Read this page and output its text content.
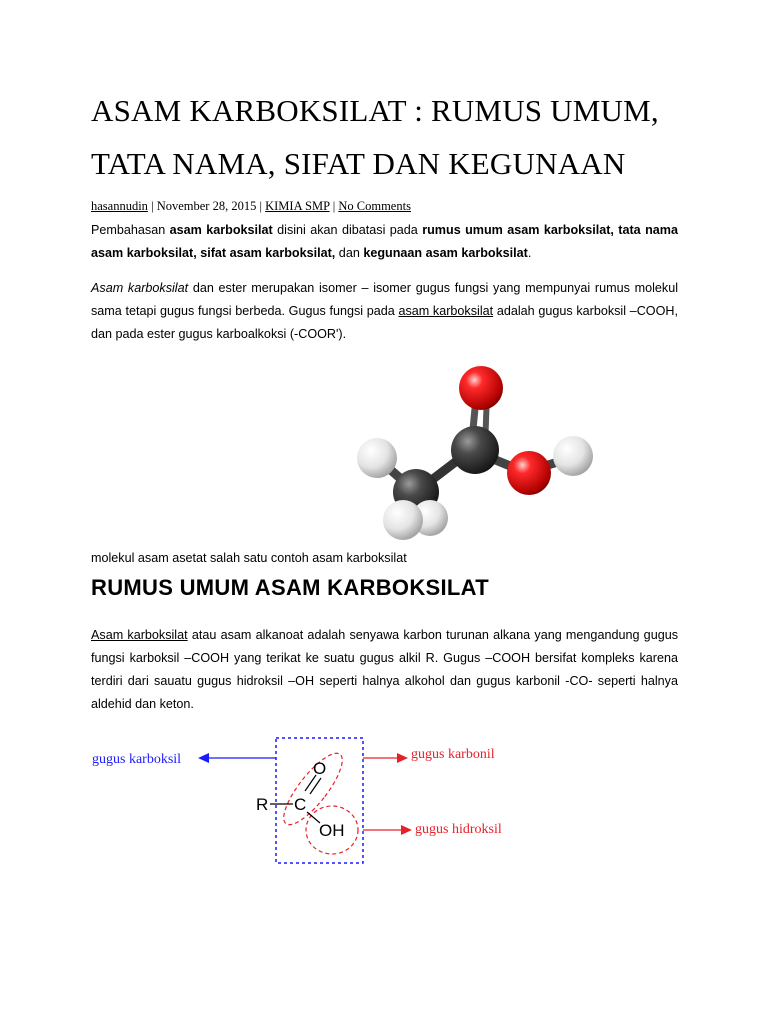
ASAM KARBOKSILAT : RUMUS UMUM,
TATA NAMA, SIFAT DAN KEGUNAAN
hasannudin | November 28, 2015 | KIMIA SMP | No Comments
Pembahasan asam karboksilat disini akan dibatasi pada rumus umum asam karboksilat, tata nama asam karboksilat, sifat asam karboksilat, dan kegunaan asam karboksilat.
Asam karboksilat dan ester merupakan isomer – isomer gugus fungsi yang mempunyai rumus molekul sama tetapi gugus fungsi berbeda. Gugus fungsi pada asam karboksilat adalah gugus karboksil –COOH, dan pada ester gugus karboalkoksi (-COOR').
molekul asam asetat salah satu contoh asam karboksilat
RUMUS UMUM ASAM KARBOKSILAT
Asam karboksilat atau asam alkanoat adalah senyawa karbon turunan alkana yang mengandung gugus fungsi karboksil –COOH yang terikat ke suatu gugus alkil R. Gugus –COOH bersifat kompleks karena terdiri dari sauatu gugus hidroksil –OH seperti halnya alkohol dan gugus karbonil -CO- seperti halnya aldehid dan keton.
gugus karboksil	gugus karbonil
gugus hidroksil
R C
O
OH
